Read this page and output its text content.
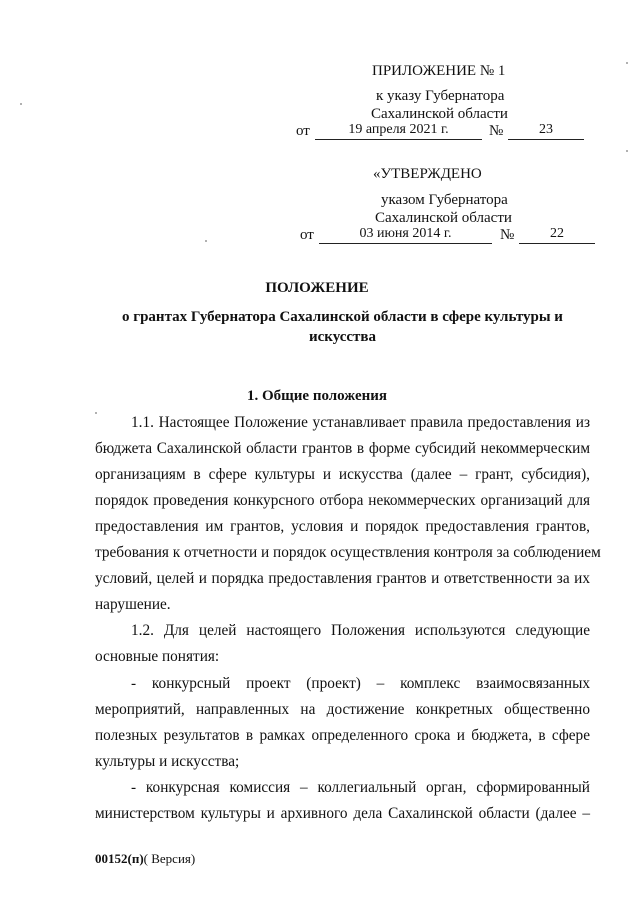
ПРИЛОЖЕНИЕ № 1
к указу Губернатора
Сахалинской области
от	19 апреля 2021 г.	№	23
«УТВЕРЖДЕНО
указом Губернатора
Сахалинской области
от	03 июня 2014 г.	№	22
ПОЛОЖЕНИЕ
о грантах Губернатора Сахалинской области в сфере культуры и
искусства
1. Общие положения
1.1. Настоящее Положение устанавливает правила предоставления из
бюджета Сахалинской области грантов в форме субсидий некоммерческим
организациям в сфере культуры и искусства (далее – грант, субсидия),
порядок проведения конкурсного отбора некоммерческих организаций для
предоставления им грантов, условия и порядок предоставления грантов,
требования к отчетности и порядок осуществления контроля за соблюдением
условий, целей и порядка предоставления грантов и ответственности за их
нарушение.
1.2. Для целей настоящего Положения используются следующие
основные понятия:
- конкурсный проект (проект) – комплекс взаимосвязанных
мероприятий, направленных на достижение конкретных общественно
полезных результатов в рамках определенного срока и бюджета, в сфере
культуры и искусства;
- конкурсная комиссия – коллегиальный орган, сформированный
министерством культуры и архивного дела Сахалинской области (далее –
00152(п)( Версия)
